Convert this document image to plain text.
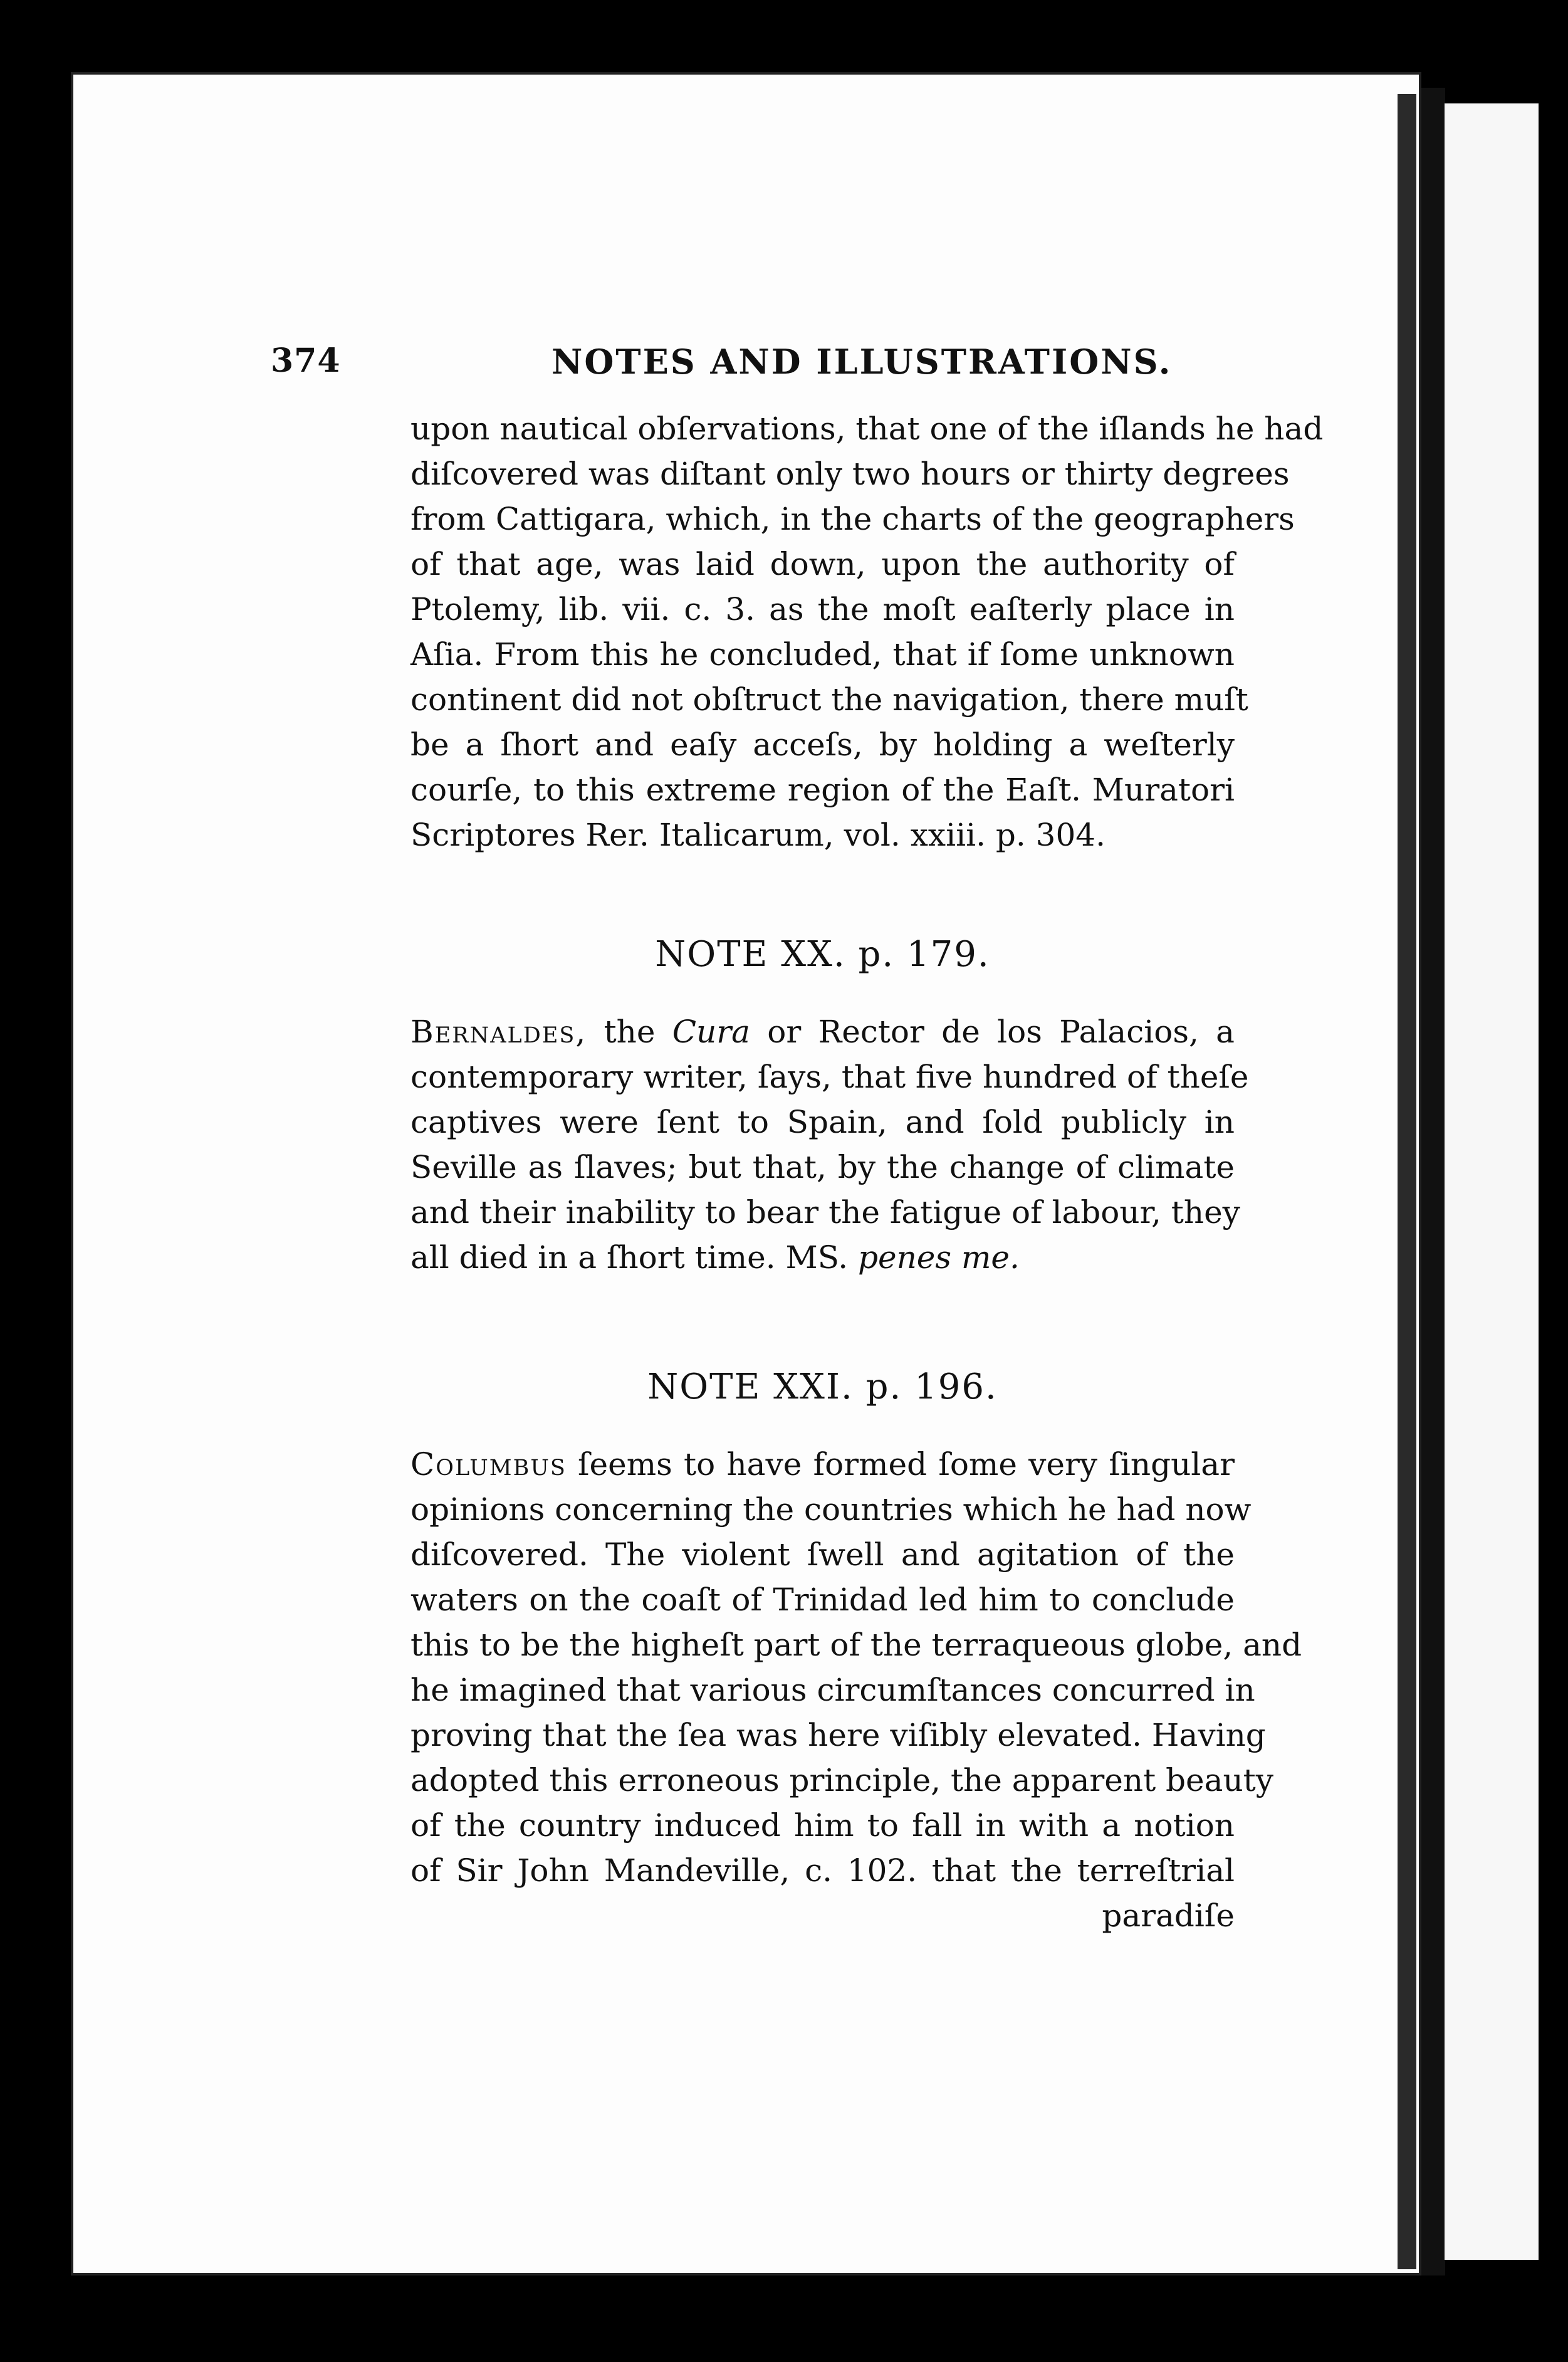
374	NOTES AND ILLUSTRATIONS.
upon nautical obſervations, that one of the iſlands he had
diſcovered was diſtant only two hours or thirty degrees
from Cattigara, which, in the charts of the geographers
of that age, was laid down, upon the authority of
Ptolemy, lib. vii. c. 3. as the moſt eaſterly place in
Aſia. From this he concluded, that if ſome unknown
continent did not obſtruct the navigation, there muſt
be a ſhort and eaſy acceſs, by holding a weſterly
courſe, to this extreme region of the Eaſt. Muratori
Scriptores Rer. Italicarum, vol. xxiii. p. 304.
NOTE XX. p. 179.
Bernaldes, the Cura or Rector de los Palacios, a
contemporary writer, ſays, that five hundred of theſe
captives were ſent to Spain, and ſold publicly in
Seville as ſlaves; but that, by the change of climate
and their inability to bear the fatigue of labour, they
all died in a ſhort time. MS. penes me.
NOTE XXI. p. 196.
Columbus ſeems to have formed ſome very ſingular
opinions concerning the countries which he had now
diſcovered. The violent ſwell and agitation of the
waters on the coaſt of Trinidad led him to conclude
this to be the higheſt part of the terraqueous globe, and
he imagined that various circumſtances concurred in
proving that the ſea was here viſibly elevated. Having
adopted this erroneous principle, the apparent beauty
of the country induced him to fall in with a notion
of Sir John Mandeville, c. 102. that the terreſtrial
paradiſe
